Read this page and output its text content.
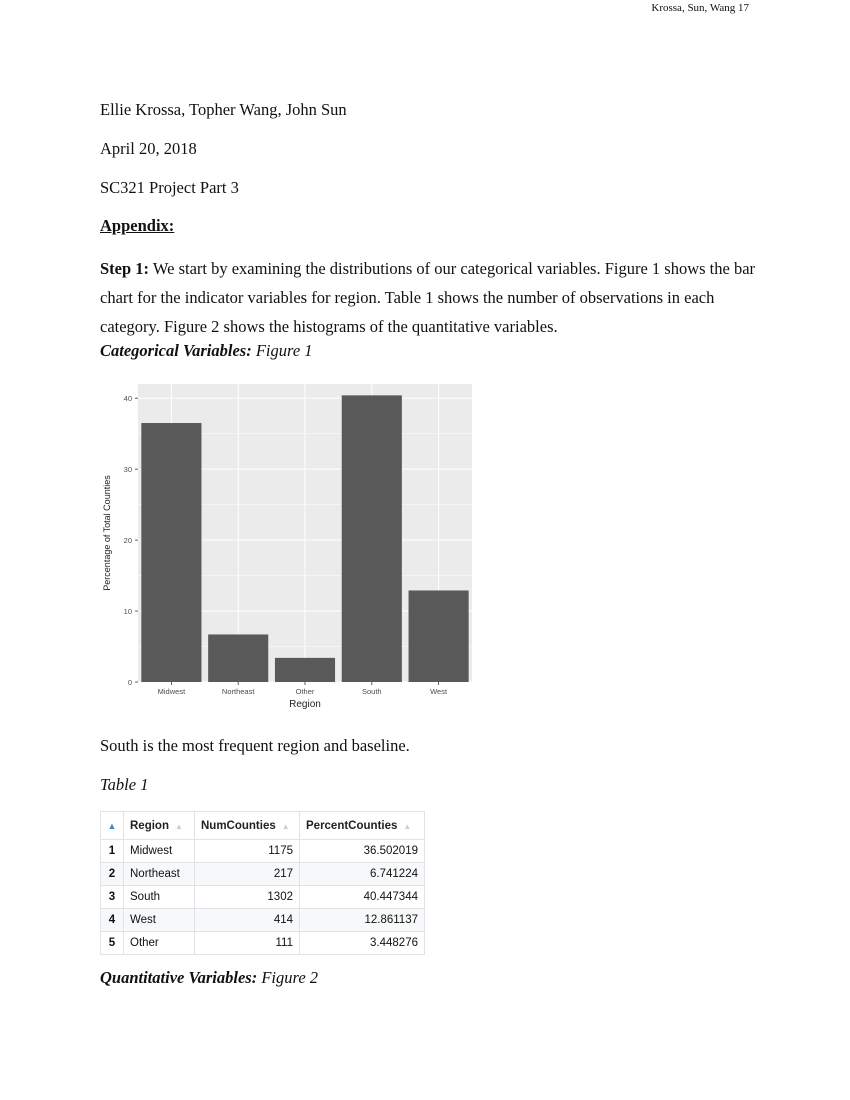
Krossa, Sun, Wang 17

Ellie Krossa, Topher Wang, John Sun

April 20, 2018

SC321 Project Part 3

Appendix:

Step 1: We start by examining the distributions of our categorical variables. Figure 1 shows the bar chart for the indicator variables for region. Table 1 shows the number of observations in each category. Figure 2 shows the histograms of the quantitative variables.

Categorical Variables: Figure 1

0
10
20
30
40
Midwest	Northeast	Other	South	West
Region
Percentage of Total Counties

South is the most frequent region and baseline.

Table 1

▲	Region ▲	NumCounties ▲	PercentCounties ▲
1	Midwest	1175	36.502019
2	Northeast	217	6.741224
3	South	1302	40.447344
4	West	414	12.861137
5	Other	111	3.448276

Quantitative Variables: Figure 2
